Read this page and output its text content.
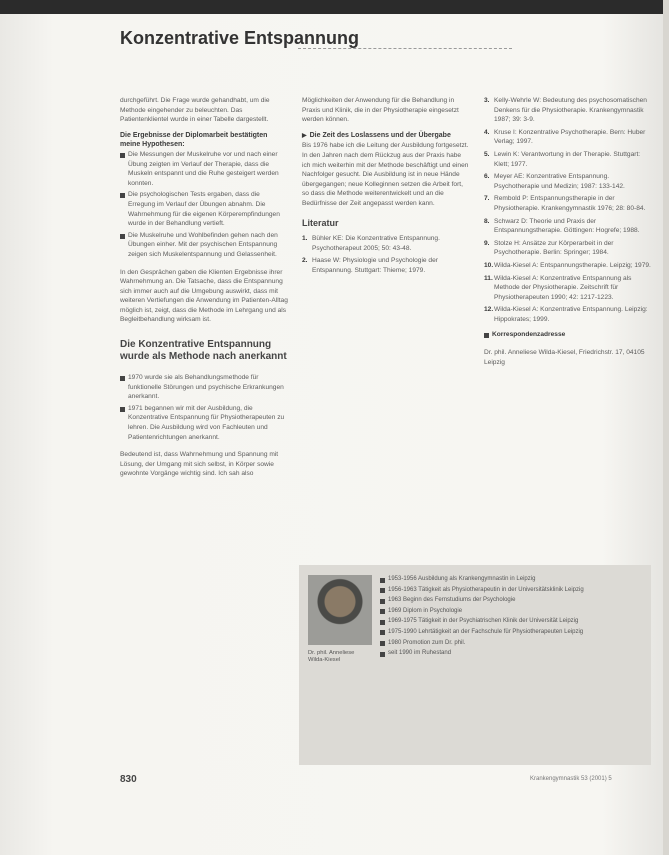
Konzentrative Entspannung

durchgeführt. Die Frage wurde gehandhabt, um die Methode eingehender zu beleuchten. Das Patientenklientel wurde in einer Tabelle dargestellt.

Die Ergebnisse der Diplomarbeit bestätigten meine Hypothesen:
Die Messungen der Muskelruhe vor und nach einer Übung zeigten im Verlauf der Therapie, dass die Muskeln entspannt und die Ruhe gesteigert werden konnten.
Die psychologischen Tests ergaben, dass die Erregung im Verlauf der Übungen abnahm. Die Wahrnehmung für die eigenen Körperempfindungen wurde in der Behandlung vertieft.
Die Muskelruhe und Wohlbefinden gehen nach den Übungen einher. Mit der psychischen Entspannung zeigen sich Muskelentspannung und Gelassenheit.

In den Gesprächen gaben die Klienten Ergebnisse ihrer Wahrnehmung an. Die Tatsache, dass die Entspannung sich immer auch auf die Umgebung auswirkt, dass mit weiteren Vertiefungen die Anwendung im Patienten-Alltag möglich ist, zeigt, dass die Methode im Lehrgang und als Begleitbehandlung wirksam ist.

Die Konzentrative Entspannung wurde als Methode nach anerkannt
1970 wurde sie als Behandlungsmethode für funktionelle Störungen und psychische Erkrankungen anerkannt.
1971 begannen wir mit der Ausbildung, die Konzentrative Entspannung für Physiotherapeuten zu lehren. Die Ausbildung wird von Fachleuten und Patientenrichtungen anerkannt.

Bedeutend ist, dass Wahrnehmung und Spannung mit Lösung, der Umgang mit sich selbst, in Körper sowie gewohnte Vorgänge wichtig sind. Ich sah also

Möglichkeiten der Anwendung für die Behandlung in Praxis und Klinik, die in der Physiotherapie eingesetzt werden können.

▶ Die Zeit des Loslassens und der Übergabe

Bis 1976 habe ich die Leitung der Ausbildung fortgesetzt. In den Jahren nach dem Rückzug aus der Praxis habe ich mich weiterhin mit der Methode beschäftigt und einen Nachfolger gesucht. Die Ausbildung ist in neue Hände übergegangen; neue Kolleginnen setzen die Arbeit fort, so dass die Methode weiterentwickelt und an die Bedürfnisse der Zeit angepasst werden kann.

Literatur
1. Bühler KE: Die Konzentrative Entspannung. Psychotherapeut 2005; 50: 43-48.
2. Haase W: Physiologie und Psychologie der Entspannung. Stuttgart: Thieme; 1979.
3. Kelly-Wehrle W: Bedeutung des psychosomatischen Denkens für die Physiotherapie. Krankengymnastik 1987; 39: 3-9.
4. Kruse I: Konzentrative Psychotherapie. Bern: Huber Verlag; 1997.
5. Lewin K: Verantwortung in der Therapie. Stuttgart: Klett; 1977.
6. Meyer AE: Konzentrative Entspannung. Psychotherapie und Medizin; 1987: 133-142.
7. Rembold P: Entspannungstherapie in der Physiotherapie. Krankengymnastik 1976; 28: 80-84.
8. Schwarz D: Theorie und Praxis der Entspannungstherapie. Göttingen: Hogrefe; 1988.
9. Stolze H: Ansätze zur Körperarbeit in der Psychotherapie. Berlin: Springer; 1984.
10. Wilda-Kiesel A: Entspannungstherapie. Leipzig; 1979.
11. Wilda-Kiesel A: Konzentrative Entspannung als Methode der Physiotherapie. Zeitschrift für Physiotherapeuten 1990; 42: 1217-1223.
12. Wilda-Kiesel A: Konzentrative Entspannung. Leipzig: Hippokrates; 1999.
Korrespondenzadresse

Dr. phil. Anneliese Wilda-Kiesel, Friedrichstr. 17, 04105 Leipzig

Dr. phil. Anneliese Wilda-Kiesel
1953-1956 Ausbildung als Krankengymnastin in Leipzig
1956-1963 Tätigkeit als Physiotherapeutin in der Universitätsklinik Leipzig
1963 Beginn des Fernstudiums der Psychologie
1969 Diplom in Psychologie
1969-1975 Tätigkeit in der Psychiatrischen Klinik der Universität Leipzig
1975-1990 Lehrtätigkeit an der Fachschule für Physiotherapeuten Leipzig
1980 Promotion zum Dr. phil.
seit 1990 im Ruhestand
830	Krankengymnastik 53 (2001) 5
